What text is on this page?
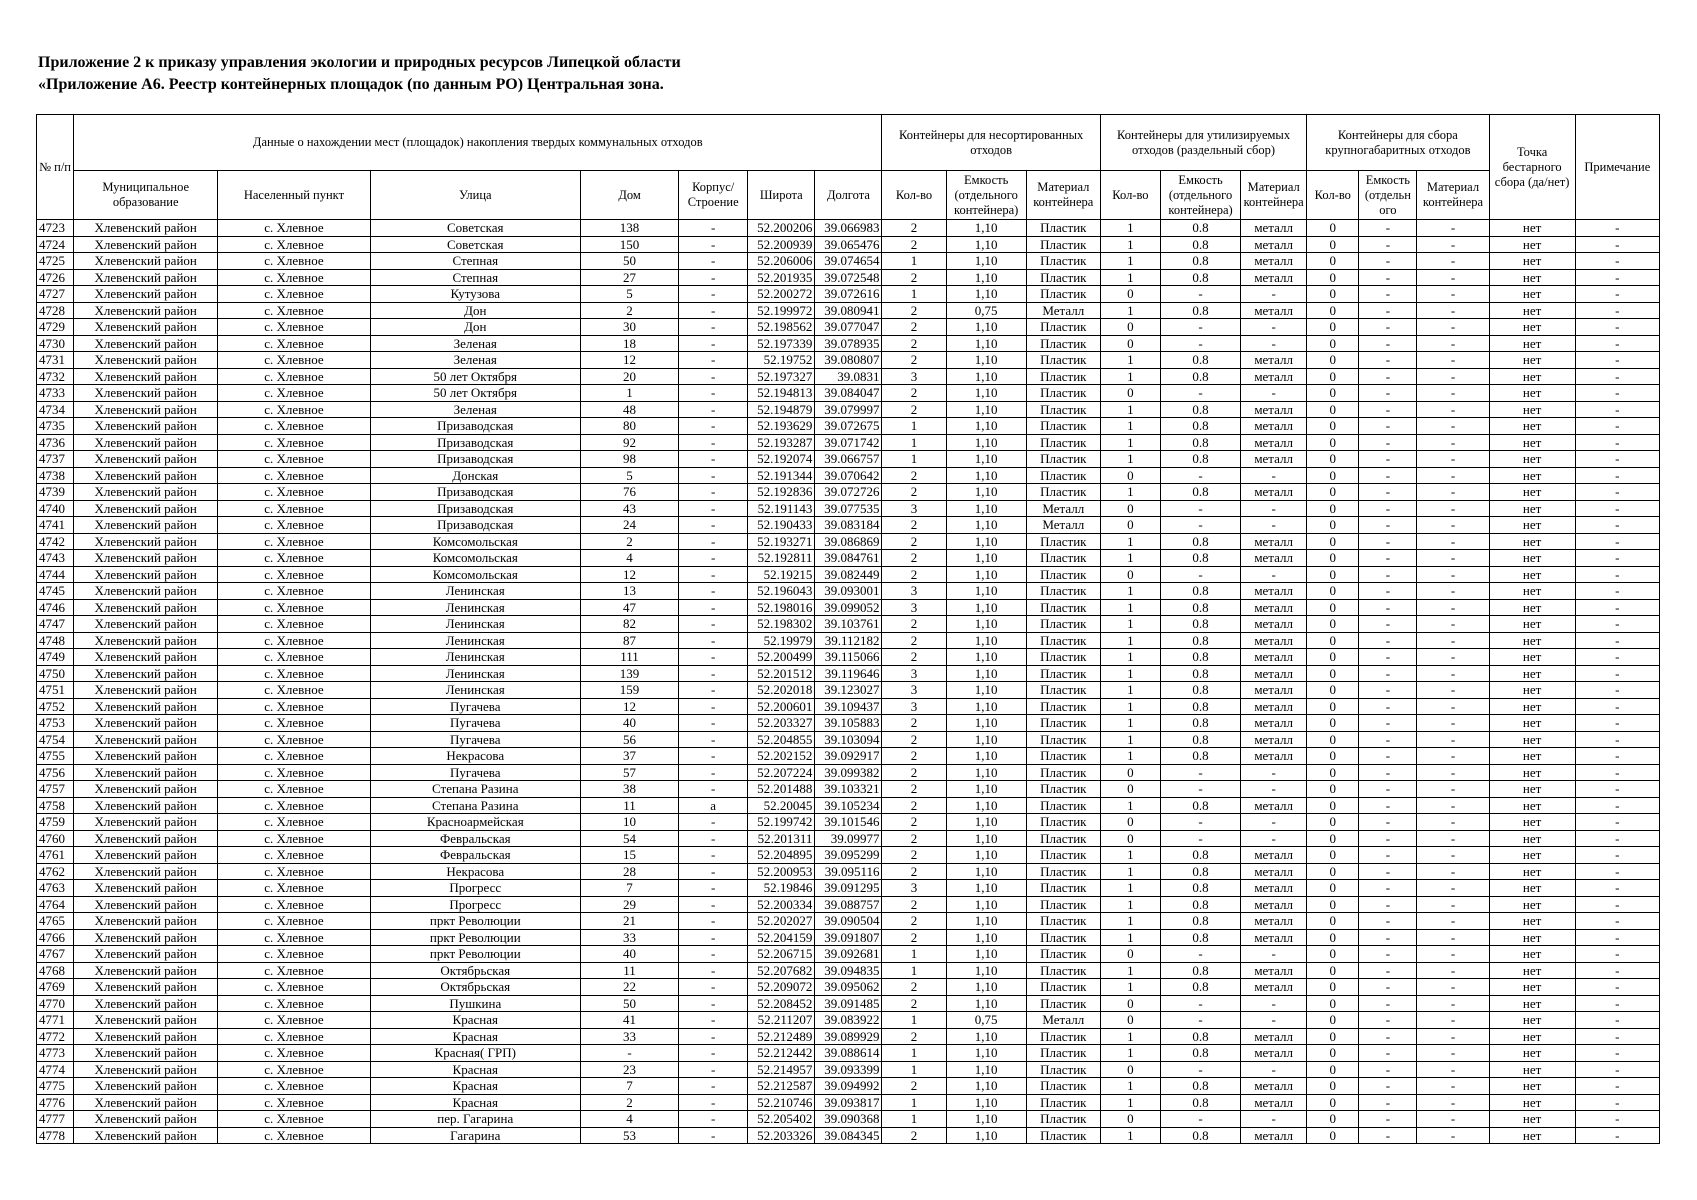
Приложение 2 к приказу управления экологии и природных ресурсов Липецкой области
«Приложение А6. Реестр контейнерных площадок (по данным РО) Центральная зона.
№ п/п	Данные о нахождении мест (площадок) накопления твердых коммунальных отходов							Контейнеры для несортированных отходов			Контейнеры для утилизируемых отходов (раздельный сбор)			Контейнеры для сбора крупногабаритных отходов			Точка бестарного сбора (да/нет)	Примечание
	Муниципальное образование	Населенный пункт	Улица	Дом	Корпус/ Строение	Широта	Долгота	Кол-во	Емкость (отдельного контейнера)	Материал контейнера	Кол-во	Емкость (отдельного контейнера)	Материал контейнера	Кол-во	Емкость (отдельн ого	Материал контейнера		
4723	Хлевенский район	с. Хлевное	Советская	138	-	52.200206	39.066983	2	1,10	Пластик	1	0.8	металл	0	-	-	нет	-
4724	Хлевенский район	с. Хлевное	Советская	150	-	52.200939	39.065476	2	1,10	Пластик	1	0.8	металл	0	-	-	нет	-
4725	Хлевенский район	с. Хлевное	Степная	50	-	52.206006	39.074654	1	1,10	Пластик	1	0.8	металл	0	-	-	нет	-
4726	Хлевенский район	с. Хлевное	Степная	27	-	52.201935	39.072548	2	1,10	Пластик	1	0.8	металл	0	-	-	нет	-
4727	Хлевенский район	с. Хлевное	Кутузова	5	-	52.200272	39.072616	1	1,10	Пластик	0	-	-	0	-	-	нет	-
4728	Хлевенский район	с. Хлевное	Дон	2	-	52.199972	39.080941	2	0,75	Металл	1	0.8	металл	0	-	-	нет	-
4729	Хлевенский район	с. Хлевное	Дон	30	-	52.198562	39.077047	2	1,10	Пластик	0	-	-	0	-	-	нет	-
4730	Хлевенский район	с. Хлевное	Зеленая	18	-	52.197339	39.078935	2	1,10	Пластик	0	-	-	0	-	-	нет	-
4731	Хлевенский район	с. Хлевное	Зеленая	12	-	52.19752	39.080807	2	1,10	Пластик	1	0.8	металл	0	-	-	нет	-
4732	Хлевенский район	с. Хлевное	50 лет Октября	20	-	52.197327	39.0831	3	1,10	Пластик	1	0.8	металл	0	-	-	нет	-
4733	Хлевенский район	с. Хлевное	50 лет Октября	1	-	52.194813	39.084047	2	1,10	Пластик	0	-	-	0	-	-	нет	-
4734	Хлевенский район	с. Хлевное	Зеленая	48	-	52.194879	39.079997	2	1,10	Пластик	1	0.8	металл	0	-	-	нет	-
4735	Хлевенский район	с. Хлевное	Призаводская	80	-	52.193629	39.072675	1	1,10	Пластик	1	0.8	металл	0	-	-	нет	-
4736	Хлевенский район	с. Хлевное	Призаводская	92	-	52.193287	39.071742	1	1,10	Пластик	1	0.8	металл	0	-	-	нет	-
4737	Хлевенский район	с. Хлевное	Призаводская	98	-	52.192074	39.066757	1	1,10	Пластик	1	0.8	металл	0	-	-	нет	-
4738	Хлевенский район	с. Хлевное	Донская	5	-	52.191344	39.070642	2	1,10	Пластик	0	-	-	0	-	-	нет	-
4739	Хлевенский район	с. Хлевное	Призаводская	76	-	52.192836	39.072726	2	1,10	Пластик	1	0.8	металл	0	-	-	нет	-
4740	Хлевенский район	с. Хлевное	Призаводская	43	-	52.191143	39.077535	3	1,10	Металл	0	-	-	0	-	-	нет	-
4741	Хлевенский район	с. Хлевное	Призаводская	24	-	52.190433	39.083184	2	1,10	Металл	0	-	-	0	-	-	нет	-
4742	Хлевенский район	с. Хлевное	Комсомольская	2	-	52.193271	39.086869	2	1,10	Пластик	1	0.8	металл	0	-	-	нет	-
4743	Хлевенский район	с. Хлевное	Комсомольская	4	-	52.192811	39.084761	2	1,10	Пластик	1	0.8	металл	0	-	-	нет	-
4744	Хлевенский район	с. Хлевное	Комсомольская	12	-	52.19215	39.082449	2	1,10	Пластик	0	-	-	0	-	-	нет	-
4745	Хлевенский район	с. Хлевное	Ленинская	13	-	52.196043	39.093001	3	1,10	Пластик	1	0.8	металл	0	-	-	нет	-
4746	Хлевенский район	с. Хлевное	Ленинская	47	-	52.198016	39.099052	3	1,10	Пластик	1	0.8	металл	0	-	-	нет	-
4747	Хлевенский район	с. Хлевное	Ленинская	82	-	52.198302	39.103761	2	1,10	Пластик	1	0.8	металл	0	-	-	нет	-
4748	Хлевенский район	с. Хлевное	Ленинская	87	-	52.19979	39.112182	2	1,10	Пластик	1	0.8	металл	0	-	-	нет	-
4749	Хлевенский район	с. Хлевное	Ленинская	111	-	52.200499	39.115066	2	1,10	Пластик	1	0.8	металл	0	-	-	нет	-
4750	Хлевенский район	с. Хлевное	Ленинская	139	-	52.201512	39.119646	3	1,10	Пластик	1	0.8	металл	0	-	-	нет	-
4751	Хлевенский район	с. Хлевное	Ленинская	159	-	52.202018	39.123027	3	1,10	Пластик	1	0.8	металл	0	-	-	нет	-
4752	Хлевенский район	с. Хлевное	Пугачева	12	-	52.200601	39.109437	3	1,10	Пластик	1	0.8	металл	0	-	-	нет	-
4753	Хлевенский район	с. Хлевное	Пугачева	40	-	52.203327	39.105883	2	1,10	Пластик	1	0.8	металл	0	-	-	нет	-
4754	Хлевенский район	с. Хлевное	Пугачева	56	-	52.204855	39.103094	2	1,10	Пластик	1	0.8	металл	0	-	-	нет	-
4755	Хлевенский район	с. Хлевное	Некрасова	37	-	52.202152	39.092917	2	1,10	Пластик	1	0.8	металл	0	-	-	нет	-
4756	Хлевенский район	с. Хлевное	Пугачева	57	-	52.207224	39.099382	2	1,10	Пластик	0	-	-	0	-	-	нет	-
4757	Хлевенский район	с. Хлевное	Степана Разина	38	-	52.201488	39.103321	2	1,10	Пластик	0	-	-	0	-	-	нет	-
4758	Хлевенский район	с. Хлевное	Степана Разина	11	а	52.20045	39.105234	2	1,10	Пластик	1	0.8	металл	0	-	-	нет	-
4759	Хлевенский район	с. Хлевное	Красноармейская	10	-	52.199742	39.101546	2	1,10	Пластик	0	-	-	0	-	-	нет	-
4760	Хлевенский район	с. Хлевное	Февральская	54	-	52.201311	39.09977	2	1,10	Пластик	0	-	-	0	-	-	нет	-
4761	Хлевенский район	с. Хлевное	Февральская	15	-	52.204895	39.095299	2	1,10	Пластик	1	0.8	металл	0	-	-	нет	-
4762	Хлевенский район	с. Хлевное	Некрасова	28	-	52.200953	39.095116	2	1,10	Пластик	1	0.8	металл	0	-	-	нет	-
4763	Хлевенский район	с. Хлевное	Прогресс	7	-	52.19846	39.091295	3	1,10	Пластик	1	0.8	металл	0	-	-	нет	-
4764	Хлевенский район	с. Хлевное	Прогресс	29	-	52.200334	39.088757	2	1,10	Пластик	1	0.8	металл	0	-	-	нет	-
4765	Хлевенский район	с. Хлевное	пркт Революции	21	-	52.202027	39.090504	2	1,10	Пластик	1	0.8	металл	0	-	-	нет	-
4766	Хлевенский район	с. Хлевное	пркт Революции	33	-	52.204159	39.091807	2	1,10	Пластик	1	0.8	металл	0	-	-	нет	-
4767	Хлевенский район	с. Хлевное	пркт Революции	40	-	52.206715	39.092681	1	1,10	Пластик	0	-	-	0	-	-	нет	-
4768	Хлевенский район	с. Хлевное	Октябрьская	11	-	52.207682	39.094835	1	1,10	Пластик	1	0.8	металл	0	-	-	нет	-
4769	Хлевенский район	с. Хлевное	Октябрьская	22	-	52.209072	39.095062	2	1,10	Пластик	1	0.8	металл	0	-	-	нет	-
4770	Хлевенский район	с. Хлевное	Пушкина	50	-	52.208452	39.091485	2	1,10	Пластик	0	-	-	0	-	-	нет	-
4771	Хлевенский район	с. Хлевное	Красная	41	-	52.211207	39.083922	1	0,75	Металл	0	-	-	0	-	-	нет	-
4772	Хлевенский район	с. Хлевное	Красная	33	-	52.212489	39.089929	2	1,10	Пластик	1	0.8	металл	0	-	-	нет	-
4773	Хлевенский район	с. Хлевное	Красная( ГРП)	-	-	52.212442	39.088614	1	1,10	Пластик	1	0.8	металл	0	-	-	нет	-
4774	Хлевенский район	с. Хлевное	Красная	23	-	52.214957	39.093399	1	1,10	Пластик	0	-	-	0	-	-	нет	-
4775	Хлевенский район	с. Хлевное	Красная	7	-	52.212587	39.094992	2	1,10	Пластик	1	0.8	металл	0	-	-	нет	-
4776	Хлевенский район	с. Хлевное	Красная	2	-	52.210746	39.093817	1	1,10	Пластик	1	0.8	металл	0	-	-	нет	-
4777	Хлевенский район	с. Хлевное	пер. Гагарина	4	-	52.205402	39.090368	1	1,10	Пластик	0	-	-	0	-	-	нет	-
4778	Хлевенский район	с. Хлевное	Гагарина	53	-	52.203326	39.084345	2	1,10	Пластик	1	0.8	металл	0	-	-	нет	-
